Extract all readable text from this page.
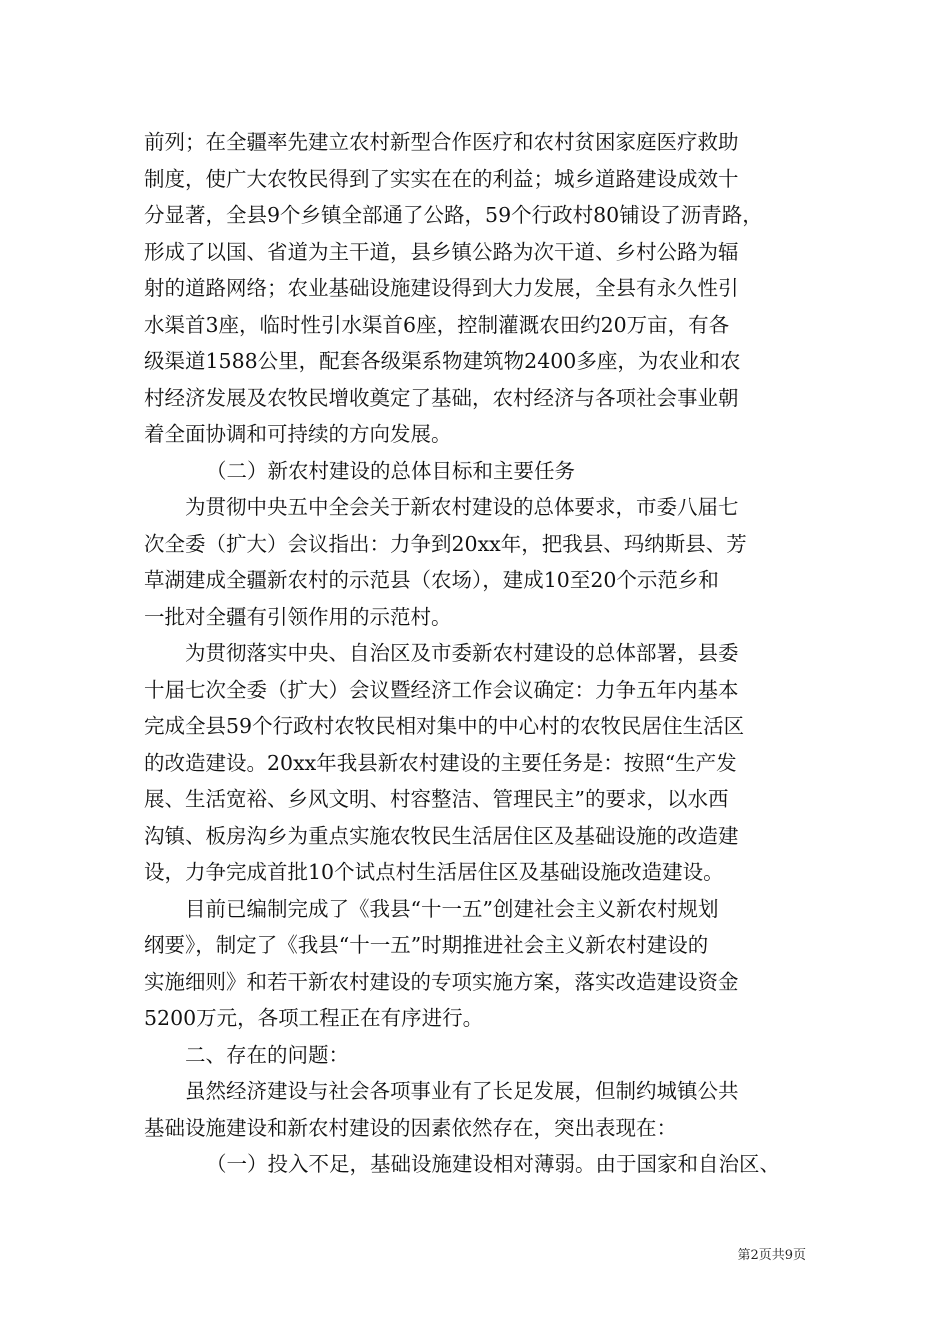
前列；在全疆率先建立农村新型合作医疗和农村贫困家庭医疗救助
制度，使广大农牧民得到了实实在在的利益；城乡道路建设成效十
分显著，全县9个乡镇全部通了公路，59个行政村80铺设了沥青路，
形成了以国、省道为主干道，县乡镇公路为次干道、乡村公路为辐
射的道路网络；农业基础设施建设得到大力发展，全县有永久性引
水渠首3座，临时性引水渠首6座，控制灌溉农田约20万亩，有各
级渠道1588公里，配套各级渠系物建筑物2400多座，为农业和农
村经济发展及农牧民增收奠定了基础，农村经济与各项社会事业朝
着全面协调和可持续的方向发展。
（二）新农村建设的总体目标和主要任务
为贯彻中央五中全会关于新农村建设的总体要求，市委八届七
次全委（扩大）会议指出：力争到20xx年，把我县、玛纳斯县、芳
草湖建成全疆新农村的示范县（农场），建成10至20个示范乡和
一批对全疆有引领作用的示范村。
为贯彻落实中央、自治区及市委新农村建设的总体部署，县委
十届七次全委（扩大）会议暨经济工作会议确定：力争五年内基本
完成全县59个行政村农牧民相对集中的中心村的农牧民居住生活区
的改造建设。20xx年我县新农村建设的主要任务是：按照“生产发
展、生活宽裕、乡风文明、村容整洁、管理民主”的要求，以水西
沟镇、板房沟乡为重点实施农牧民生活居住区及基础设施的改造建
设，力争完成首批10个试点村生活居住区及基础设施改造建设。
目前已编制完成了《我县“十一五”创建社会主义新农村规划
纲要》，制定了《我县“十一五”时期推进社会主义新农村建设的
实施细则》和若干新农村建设的专项实施方案，落实改造建设资金
5200万元，各项工程正在有序进行。
二、存在的问题：
虽然经济建设与社会各项事业有了长足发展，但制约城镇公共
基础设施建设和新农村建设的因素依然存在，突出表现在：
（一）投入不足，基础设施建设相对薄弱。由于国家和自治区、
第2页共9页
